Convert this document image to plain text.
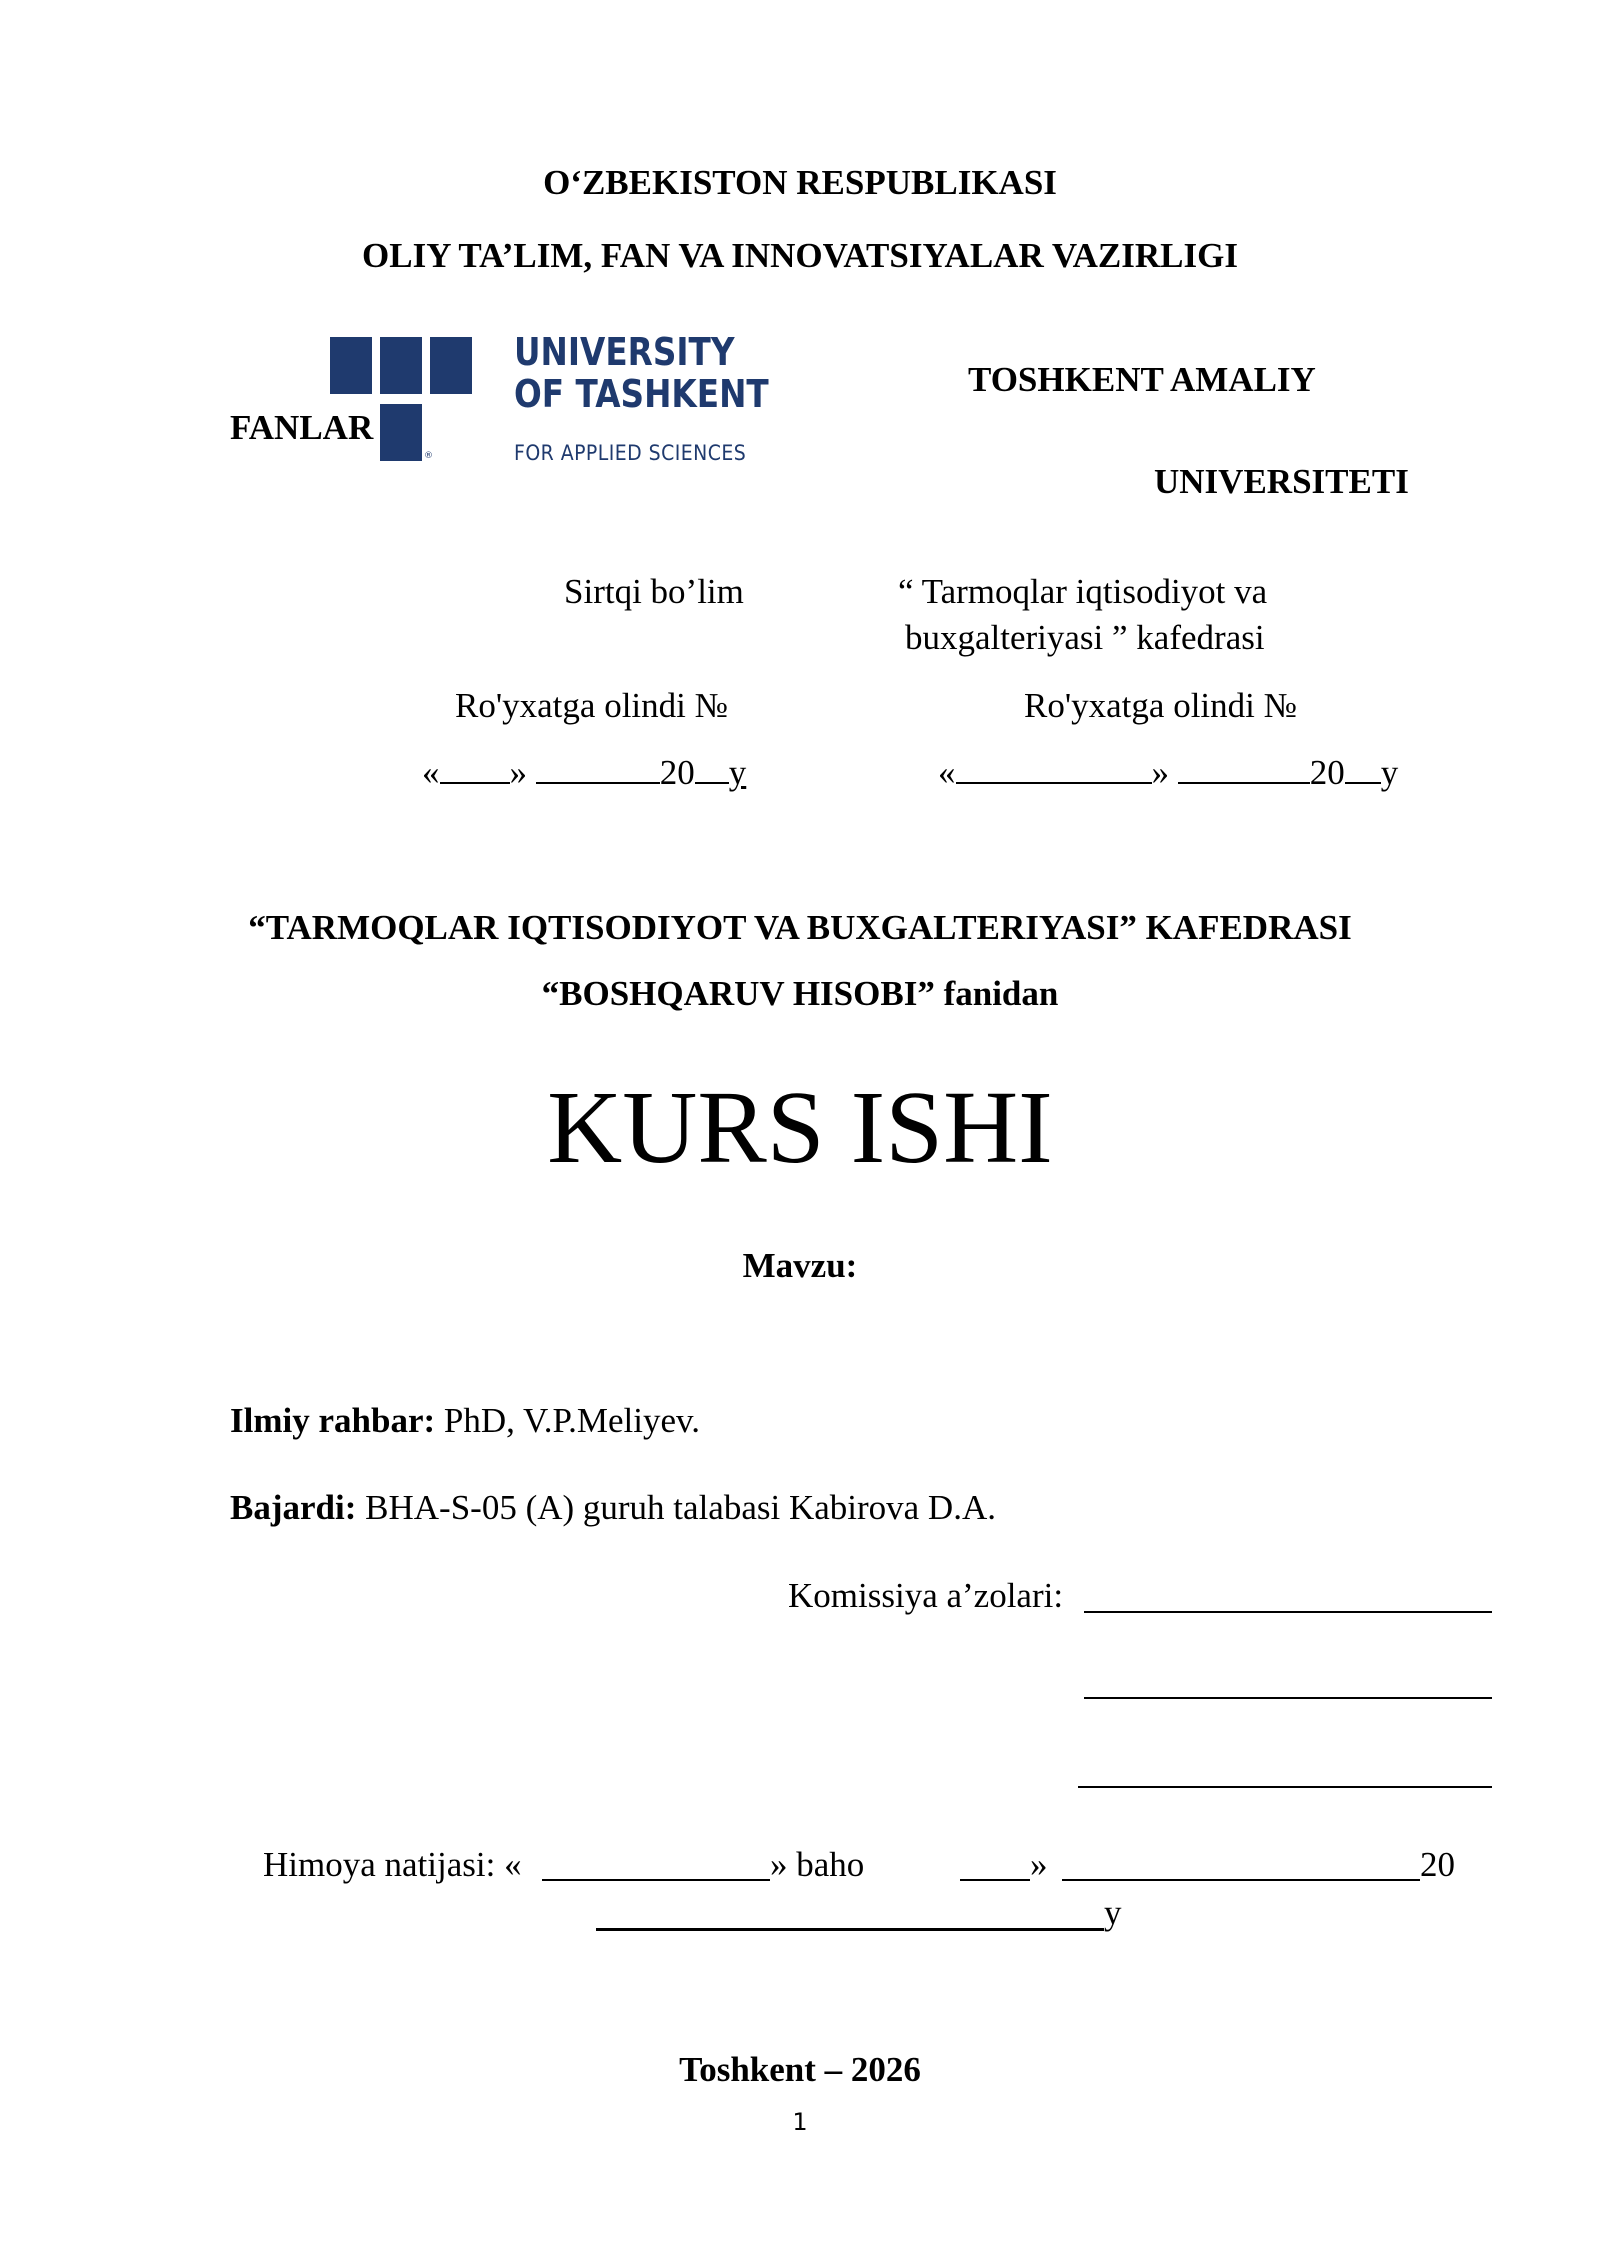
O‘ZBEKISTON RESPUBLIKASI
OLIY TA’LIM, FAN VA INNOVATSIYALAR VAZIRLIGI
®
UNIVERSITY
OF TASHKENT
FOR APPLIED SCIENCES
FANLAR
TOSHKENT AMALIY
UNIVERSITETI
Sirtqi bo’lim	“ Tarmoqlar iqtisodiyot va
buxgalteriyasi ” kafedrasi
Ro'yxatga olindi №	Ro'yxatga olindi №
« »	20 y	«	»	20 y
“TARMOQLAR IQTISODIYOT VA BUXGALTERIYASI” KAFEDRASI
“BOSHQARUV HISOBI” fanidan
KURS ISHI
Mavzu:
Ilmiy rahbar: PhD, V.P.Meliyev.
Bajardi: BHA-S-05 (A) guruh talabasi Kabirova D.A.
Komissiya a’zolari:
Himoya natijasi: «	» baho	»	20
y
Toshkent – 2026
1
